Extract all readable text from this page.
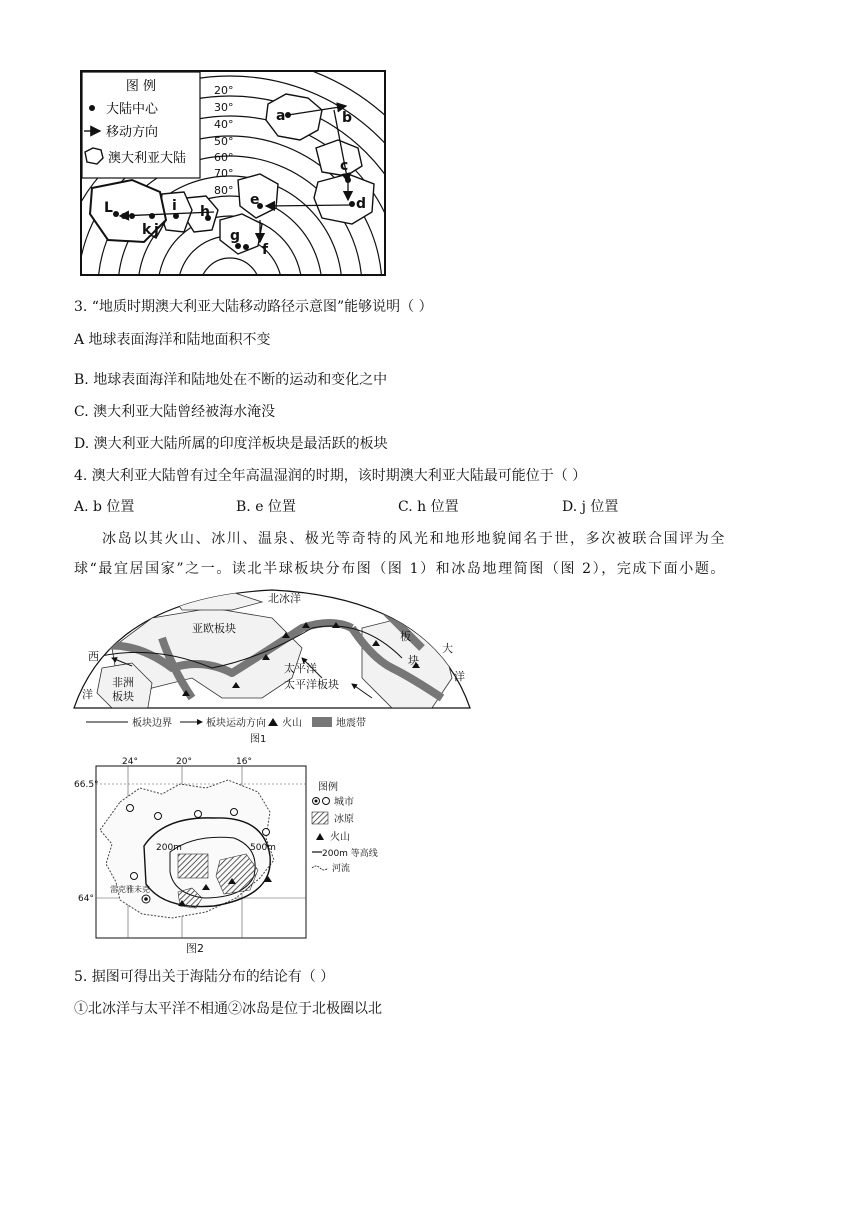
图 例
大陆中心
移动方向
澳大利亚大陆
20°
30°
40°
50°
60°
70°
80°
a	b
c
d
e
f
g
h
i
j
k
L
3. “地质时期澳大利亚大陆移动路径示意图”能够说明（ ）
A 地球表面海洋和陆地面积不变
B. 地球表面海洋和陆地处在不断的运动和变化之中
C. 澳大利亚大陆曾经被海水淹没
D. 澳大利亚大陆所属的印度洋板块是最活跃的板块
4. 澳大利亚大陆曾有过全年高温湿润的时期，该时期澳大利亚大陆最可能位于（ ）
A. b 位置	B. e 位置	C. h 位置	D. j 位置
冰岛以其火山、冰川、温泉、极光等奇特的风光和地形地貌闻名于世，多次被联合国评为全球“最宜居国家”之一。读北半球板块分布图（图 1）和冰岛地理简图（图 2），完成下面小题。
北冰洋
亚欧板块
太平洋
太平洋板块
非洲
板块
板
块
大
洋
西
洋
板块边界	板块运动方向 火山	地震带
图1
24°	20°	16°
66.5°
64°
200m	500m
雷克雅未克
图例
城市
冰原
火山
200m 等高线
河流
图2
5. 据图可得出关于海陆分布的结论有（ ）
①北冰洋与太平洋不相通②冰岛是位于北极圈以北
